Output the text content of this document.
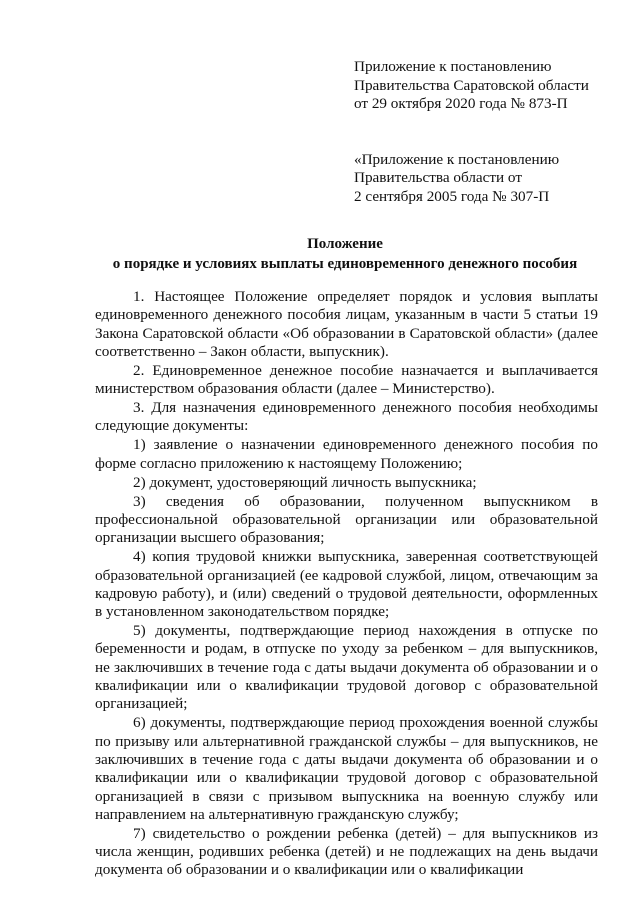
Приложение к постановлению
Правительства Саратовской области
от 29 октября 2020 года № 873-П
«Приложение к постановлению
Правительства области от
2 сентября 2005 года № 307-П
Положение
о порядке и условиях выплаты единовременного денежного пособия

1. Настоящее Положение определяет порядок и условия выплаты единовременного денежного пособия лицам, указанным в части 5 статьи 19 Закона Саратовской области «Об образовании в Саратовской области» (далее соответственно – Закон области, выпускник).

2. Единовременное денежное пособие назначается и выплачивается министерством образования области (далее – Министерство).

3. Для назначения единовременного денежного пособия необходимы следующие документы:

1) заявление о назначении единовременного денежного пособия по форме согласно приложению к настоящему Положению;

2) документ, удостоверяющий личность выпускника;

3) сведения об образовании, полученном выпускником в профессиональной образовательной организации или образовательной организации высшего образования;

4) копия трудовой книжки выпускника, заверенная соответствующей образовательной организацией (ее кадровой службой, лицом, отвечающим за кадровую работу), и (или) сведений о трудовой деятельности, оформленных в установленном законодательством порядке;

5) документы, подтверждающие период нахождения в отпуске по беременности и родам, в отпуске по уходу за ребенком – для выпускников, не заключивших в течение года с даты выдачи документа об образовании и о квалификации или о квалификации трудовой договор с образовательной организацией;

6) документы, подтверждающие период прохождения военной службы по призыву или альтернативной гражданской службы – для выпускников, не заключивших в течение года с даты выдачи документа об образовании и о квалификации или о квалификации трудовой договор с образовательной организацией в связи с призывом выпускника на военную службу или направлением на альтернативную гражданскую службу;

7) свидетельство о рождении ребенка (детей) – для выпускников из числа женщин, родивших ребенка (детей) и не подлежащих на день выдачи документа об образовании и о квалификации или о квалификации
